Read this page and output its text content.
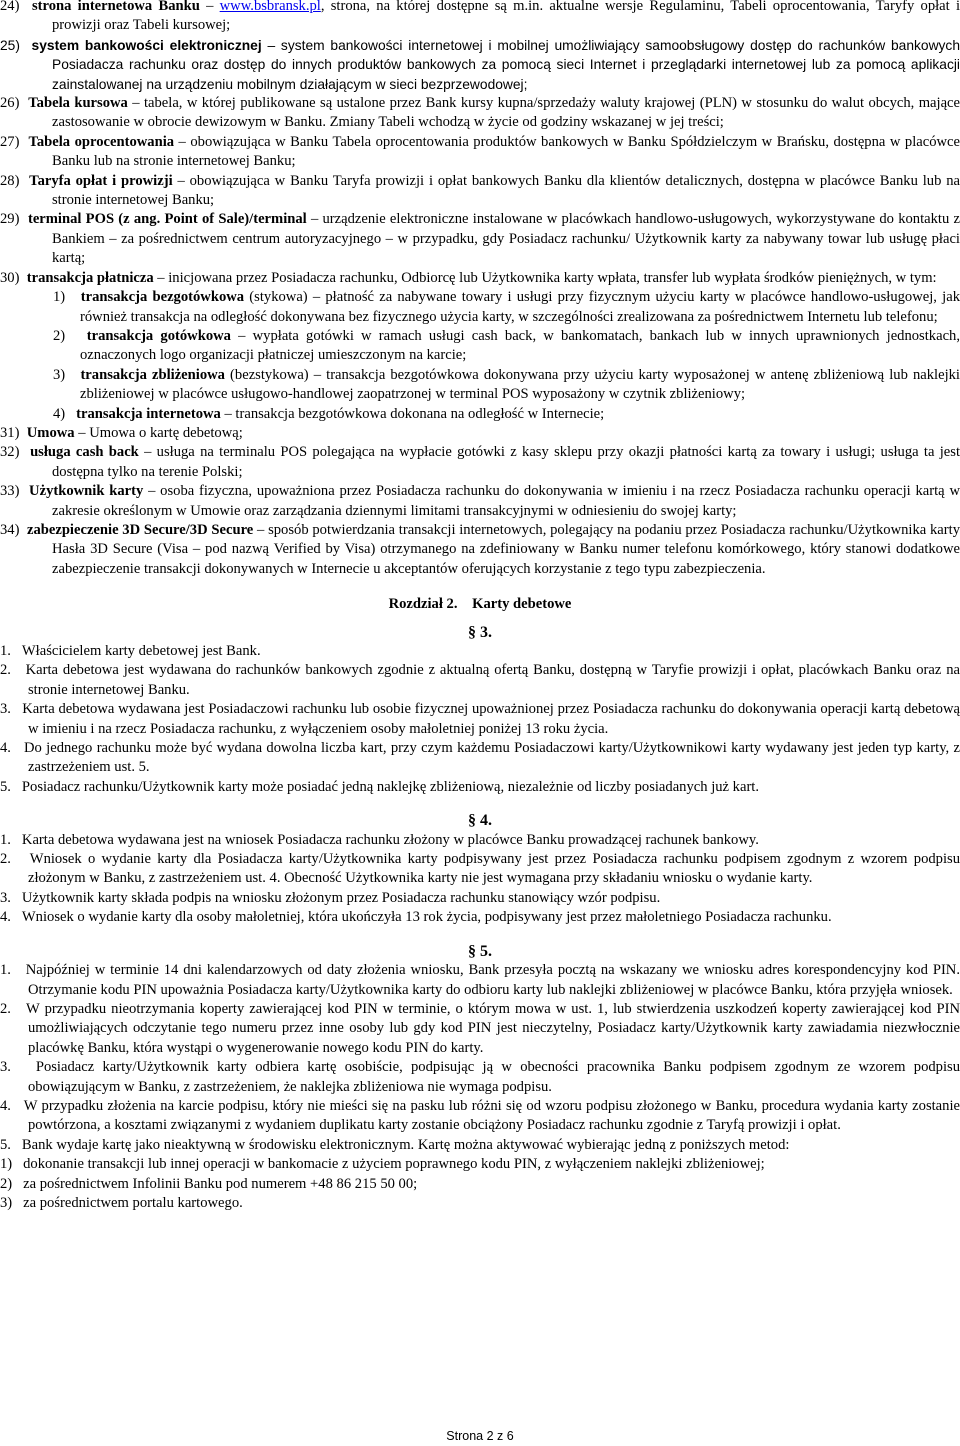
24) strona internetowa Banku – www.bsbransk.pl, strona, na której dostępne są m.in. aktualne wersje Regulaminu, Tabeli oprocentowania, Taryfy opłat i prowizji oraz Tabeli kursowej;

25) system bankowości elektronicznej – system bankowości internetowej i mobilnej umożliwiający samoobsługowy dostęp do rachunków bankowych Posiadacza rachunku oraz dostęp do innych produktów bankowych za pomocą sieci Internet i przeglądarki internetowej lub za pomocą aplikacji zainstalowanej na urządzeniu mobilnym działającym w sieci bezprzewodowej;

26) Tabela kursowa – tabela, w której publikowane są ustalone przez Bank kursy kupna/sprzedaży waluty krajowej (PLN) w stosunku do walut obcych, mające zastosowanie w obrocie dewizowym w Banku. Zmiany Tabeli wchodzą w życie od godziny wskazanej w jej treści;

27) Tabela oprocentowania – obowiązująca w Banku Tabela oprocentowania produktów bankowych w Banku Spółdzielczym w Brańsku, dostępna w placówce Banku lub na stronie internetowej Banku;

28) Taryfa opłat i prowizji – obowiązująca w Banku Taryfa prowizji i opłat bankowych Banku dla klientów detalicznych, dostępna w placówce Banku lub na stronie internetowej Banku;

29) terminal POS (z ang. Point of Sale)/terminal – urządzenie elektroniczne instalowane w placówkach handlowo-usługowych, wykorzystywane do kontaktu z Bankiem – za pośrednictwem centrum autoryzacyjnego – w przypadku, gdy Posiadacz rachunku/ Użytkownik karty za nabywany towar lub usługę płaci kartą;

30) transakcja płatnicza – inicjowana przez Posiadacza rachunku, Odbiorcę lub Użytkownika karty wpłata, transfer lub wypłata środków pieniężnych, w tym:

1) transakcja bezgotówkowa (stykowa) – płatność za nabywane towary i usługi przy fizycznym użyciu karty w placówce handlowo-usługowej, jak również transakcja na odległość dokonywana bez fizycznego użycia karty, w szczególności zrealizowana za pośrednictwem Internetu lub telefonu;

2) transakcja gotówkowa – wypłata gotówki w ramach usługi cash back, w bankomatach, bankach lub w innych uprawnionych jednostkach, oznaczonych logo organizacji płatniczej umieszczonym na karcie;

3) transakcja zbliżeniowa (bezstykowa) – transakcja bezgotówkowa dokonywana przy użyciu karty wyposażonej w antenę zbliżeniową lub naklejki zbliżeniowej w placówce usługowo-handlowej zaopatrzonej w terminal POS wyposażony w czytnik zbliżeniowy;

4) transakcja internetowa – transakcja bezgotówkowa dokonana na odległość w Internecie;

31) Umowa – Umowa o kartę debetową;

32) usługa cash back – usługa na terminalu POS polegająca na wypłacie gotówki z kasy sklepu przy okazji płatności kartą za towary i usługi; usługa ta jest dostępna tylko na terenie Polski;

33) Użytkownik karty – osoba fizyczna, upoważniona przez Posiadacza rachunku do dokonywania w imieniu i na rzecz Posiadacza rachunku operacji kartą w zakresie określonym w Umowie oraz zarządzania dziennymi limitami transakcyjnymi w odniesieniu do swojej karty;

34) zabezpieczenie 3D Secure/3D Secure – sposób potwierdzania transakcji internetowych, polegający na podaniu przez Posiadacza rachunku/Użytkownika karty Hasła 3D Secure (Visa – pod nazwą Verified by Visa) otrzymanego na zdefiniowany w Banku numer telefonu komórkowego, który stanowi dodatkowe zabezpieczenie transakcji dokonywanych w Internecie u akceptantów oferujących korzystanie z tego typu zabezpieczenia.

Rozdział 2.    Karty debetowe

§ 3.

1. Właścicielem karty debetowej jest Bank.

2. Karta debetowa jest wydawana do rachunków bankowych zgodnie z aktualną ofertą Banku, dostępną w Taryfie prowizji i opłat, placówkach Banku oraz na stronie internetowej Banku.

3. Karta debetowa wydawana jest Posiadaczowi rachunku lub osobie fizycznej upoważnionej przez Posiadacza rachunku do dokonywania operacji kartą debetową w imieniu i na rzecz Posiadacza rachunku, z wyłączeniem osoby małoletniej poniżej 13 roku życia.

4. Do jednego rachunku może być wydana dowolna liczba kart, przy czym każdemu Posiadaczowi karty/Użytkownikowi karty wydawany jest jeden typ karty, z zastrzeżeniem ust. 5.

5. Posiadacz rachunku/Użytkownik karty może posiadać jedną naklejkę zbliżeniową, niezależnie od liczby posiadanych już kart.

§ 4.

1. Karta debetowa wydawana jest na wniosek Posiadacza rachunku złożony w placówce Banku prowadzącej rachunek bankowy.

2. Wniosek o wydanie karty dla Posiadacza karty/Użytkownika karty podpisywany jest przez Posiadacza rachunku podpisem zgodnym z wzorem podpisu złożonym w Banku, z zastrzeżeniem ust. 4. Obecność Użytkownika karty nie jest wymagana przy składaniu wniosku o wydanie karty.

3. Użytkownik karty składa podpis na wniosku złożonym przez Posiadacza rachunku stanowiący wzór podpisu.

4. Wniosek o wydanie karty dla osoby małoletniej, która ukończyła 13 rok życia, podpisywany jest przez małoletniego Posiadacza rachunku.

§ 5.

1. Najpóźniej w terminie 14 dni kalendarzowych od daty złożenia wniosku, Bank przesyła pocztą na wskazany we wniosku adres korespondencyjny kod PIN. Otrzymanie kodu PIN upoważnia Posiadacza karty/Użytkownika karty do odbioru karty lub naklejki zbliżeniowej w placówce Banku, która przyjęła wniosek.

2. W przypadku nieotrzymania koperty zawierającej kod PIN w terminie, o którym mowa w ust. 1, lub stwierdzenia uszkodzeń koperty zawierającej kod PIN umożliwiających odczytanie tego numeru przez inne osoby lub gdy kod PIN jest nieczytelny, Posiadacz karty/Użytkownik karty zawiadamia niezwłocznie placówkę Banku, która wystąpi o wygenerowanie nowego kodu PIN do karty.

3. Posiadacz karty/Użytkownik karty odbiera kartę osobiście, podpisując ją w obecności pracownika Banku podpisem zgodnym ze wzorem podpisu obowiązującym w Banku, z zastrzeżeniem, że naklejka zbliżeniowa nie wymaga podpisu.

4. W przypadku złożenia na karcie podpisu, który nie mieści się na pasku lub różni się od wzoru podpisu złożonego w Banku, procedura wydania karty zostanie powtórzona, a kosztami związanymi z wydaniem duplikatu karty zostanie obciążony Posiadacz rachunku zgodnie z Taryfą prowizji i opłat.

5. Bank wydaje kartę jako nieaktywną w środowisku elektronicznym. Kartę można aktywować wybierając jedną z poniższych metod:

1) dokonanie transakcji lub innej operacji w bankomacie z użyciem poprawnego kodu PIN, z wyłączeniem naklejki zbliżeniowej;

2) za pośrednictwem Infolinii Banku pod numerem +48 86 215 50 00;

3) za pośrednictwem portalu kartowego.

Strona 2 z 6
